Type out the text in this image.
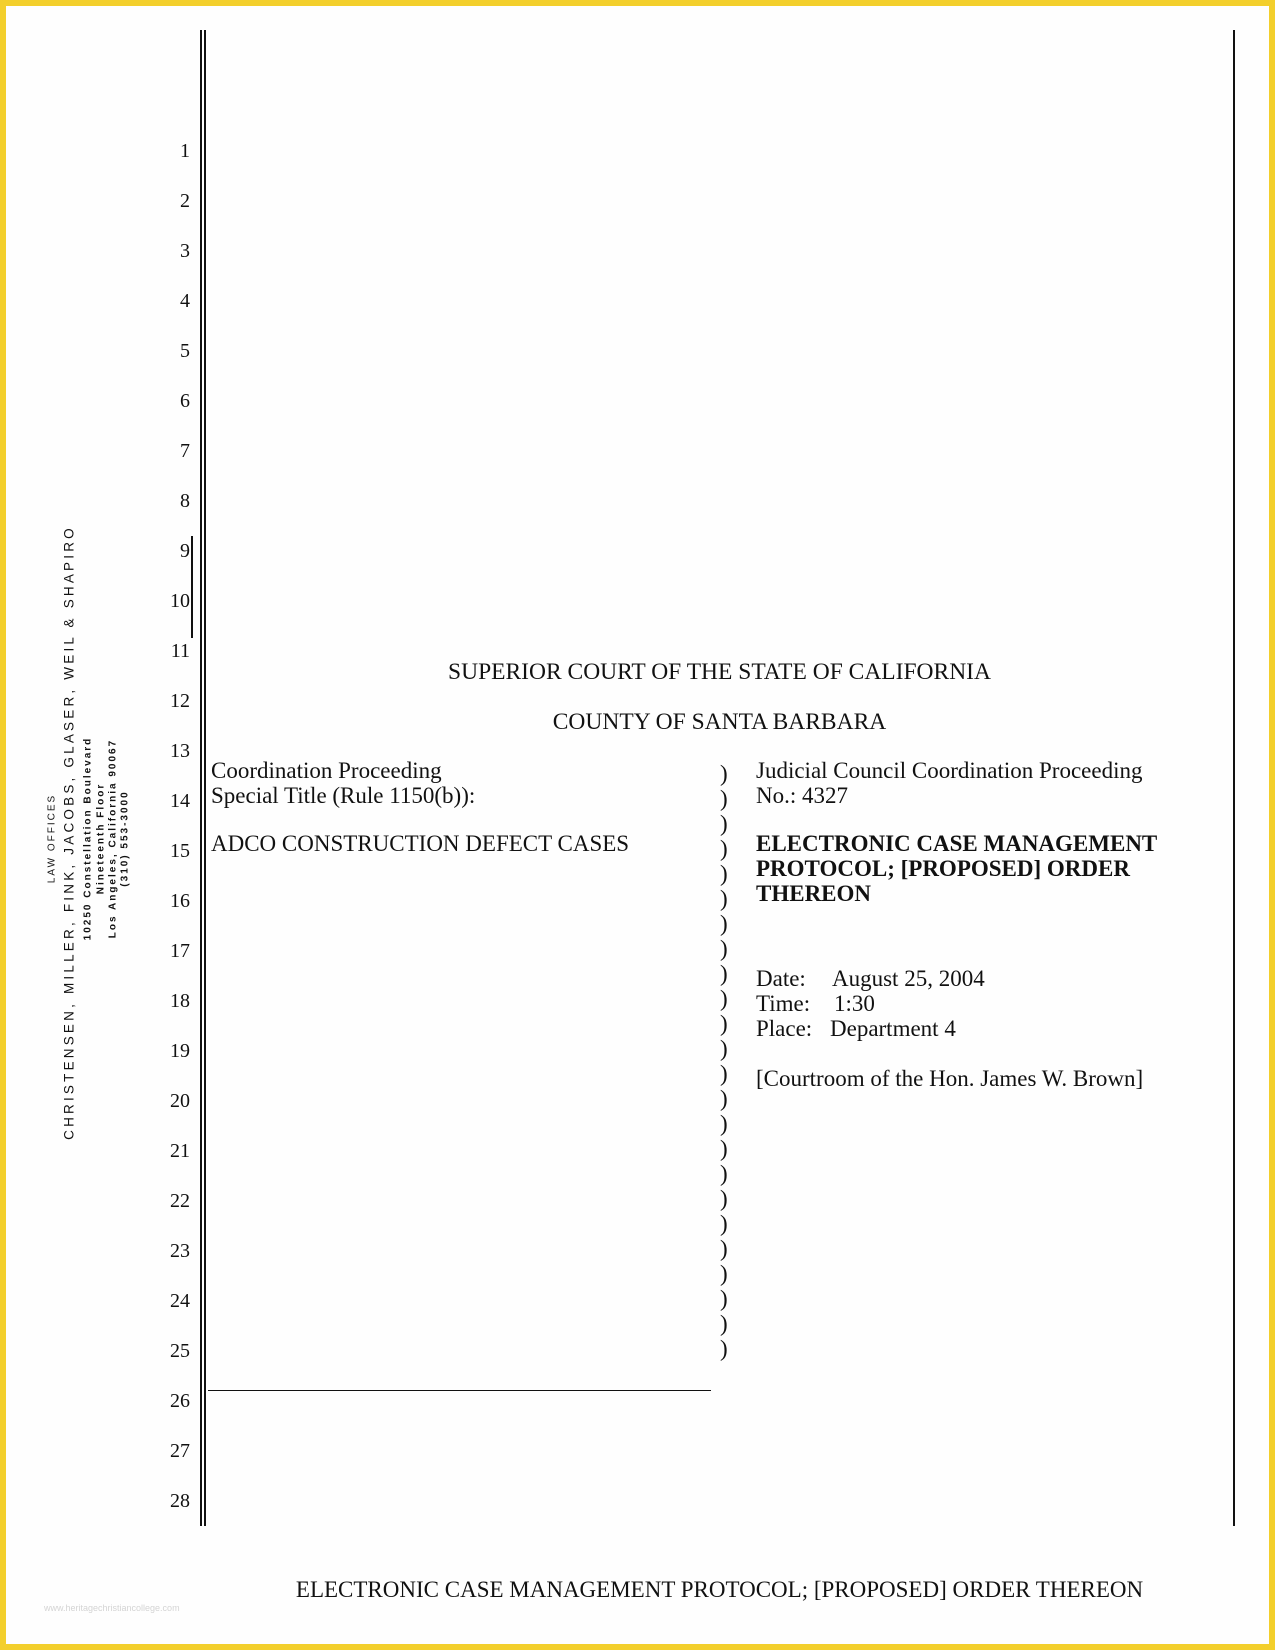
1
2
3
4
5
6
7
8
9
10
11
12
13
14
15
16
17
18
19
20
21
22
23
24
25
26
27
28
LAW OFFICES CHRISTENSEN, MILLER, FINK, JACOBS, GLASER, WEIL & SHAPIRO 10250 Constellation Boulevard Nineteenth Floor Los Angeles, California 90067 (310) 553-3000
SUPERIOR COURT OF THE STATE OF CALIFORNIA
COUNTY OF SANTA BARBARA
Coordination Proceeding
Special Title (Rule 1150(b)):
ADCO CONSTRUCTION DEFECT CASES
)
)
)
)
)
)
)
)
)
)
)
)
)
)
)
)
)
)
)
)
)
)
)
)
Judicial Council Coordination Proceeding
No.: 4327
ELECTRONIC CASE MANAGEMENT
PROTOCOL; [PROPOSED] ORDER
THEREON
Date: August 25, 2004
Time: 1:30
Place: Department 4
[Courtroom of the Hon. James W. Brown]
ELECTRONIC CASE MANAGEMENT PROTOCOL; [PROPOSED] ORDER THEREON
www.heritagechristiancollege.com
